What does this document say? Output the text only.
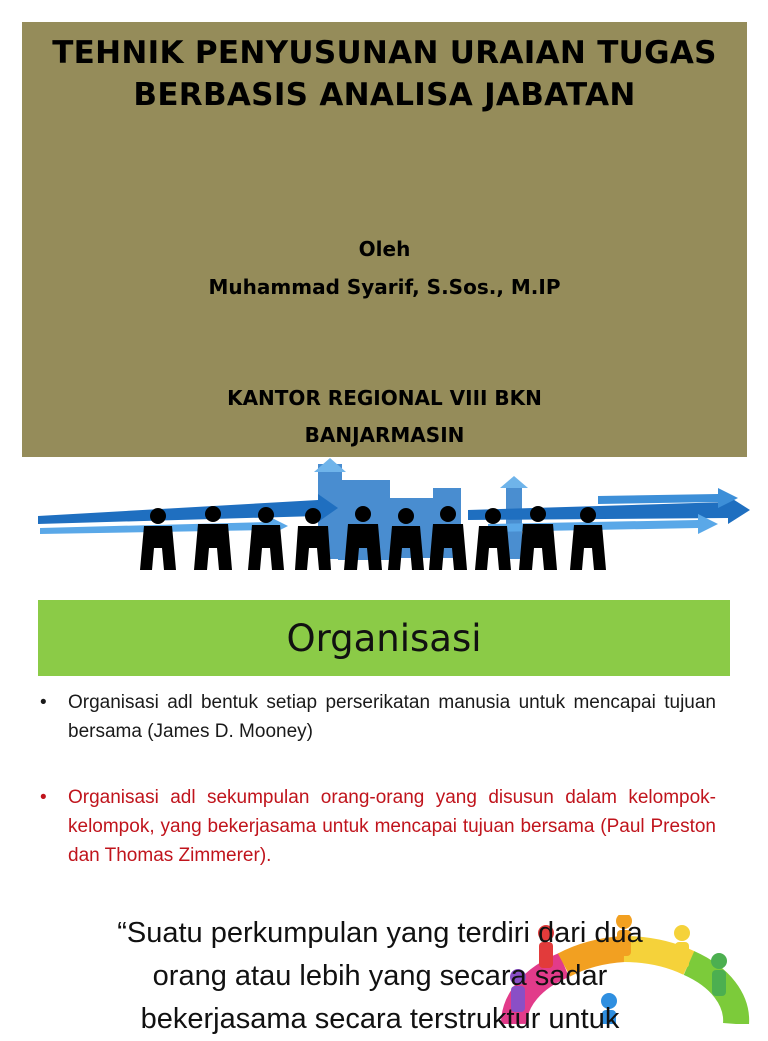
TEHNIK PENYUSUNAN URAIAN TUGAS
BERBASIS ANALISA JABATAN
Oleh
Muhammad Syarif, S.Sos., M.IP
KANTOR REGIONAL VIII BKN
BANJARMASIN
Organisasi
• Organisasi adl bentuk setiap perserikatan manusia untuk mencapai tujuan bersama (James D. Mooney)
• Organisasi adl sekumpulan orang-orang yang disusun dalam kelompok-kelompok, yang bekerjasama untuk mencapai tujuan bersama (Paul Preston dan Thomas Zimmerer).
“Suatu perkumpulan yang terdiri dari dua
orang atau lebih yang secara sadar
bekerjasama secara terstruktur untuk
